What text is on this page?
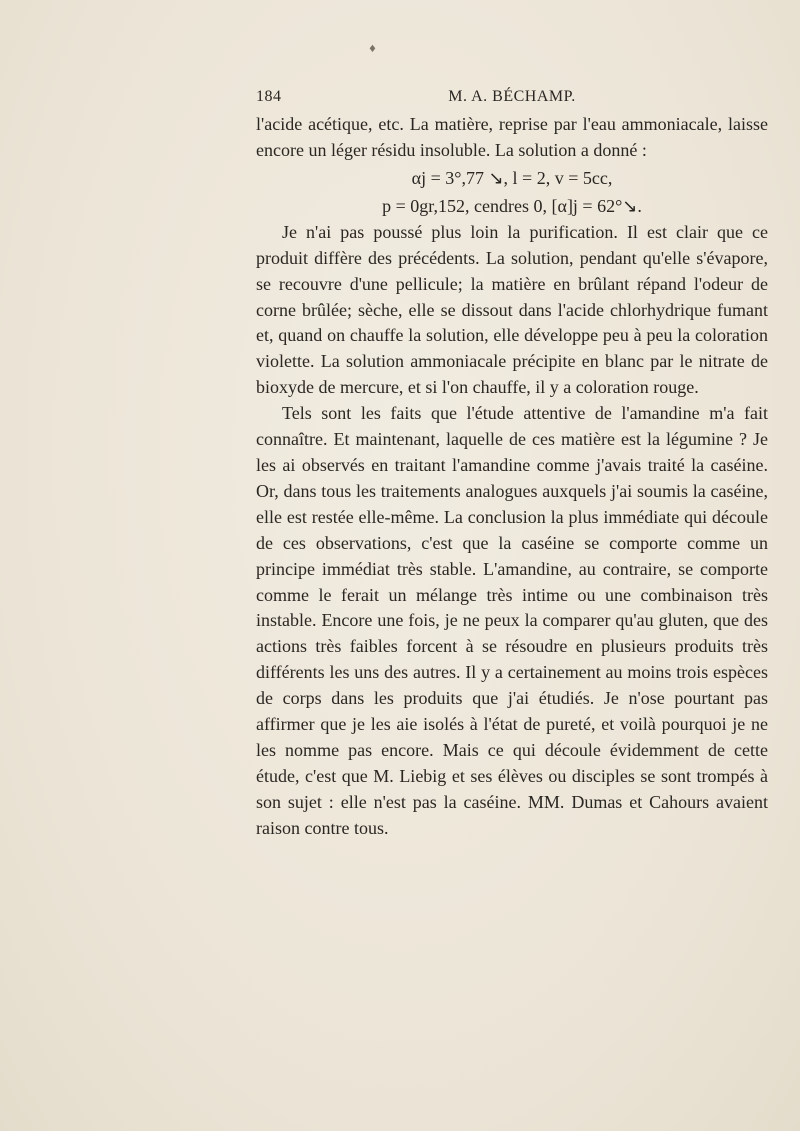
184	M. A. BÉCHAMP.

l'acide acétique, etc. La matière, reprise par l'eau ammoniacale, laisse encore un léger résidu insoluble. La solution a donné :

αj = 3°,77 ↘, l = 2, v = 5cc,

p = 0gr,152, cendres 0, [α]j = 62°↘.

Je n'ai pas poussé plus loin la purification. Il est clair que ce produit diffère des précédents. La solution, pendant qu'elle s'évapore, se recouvre d'une pellicule; la matière en brûlant répand l'odeur de corne brûlée; sèche, elle se dissout dans l'acide chlorhydrique fumant et, quand on chauffe la solution, elle développe peu à peu la coloration violette. La solution ammoniacale précipite en blanc par le nitrate de bioxyde de mercure, et si l'on chauffe, il y a coloration rouge.

Tels sont les faits que l'étude attentive de l'amandine m'a fait connaître. Et maintenant, laquelle de ces matière est la légumine ? Je les ai observés en traitant l'amandine comme j'avais traité la caséine. Or, dans tous les traitements analogues auxquels j'ai soumis la caséine, elle est restée elle-même. La conclusion la plus immédiate qui découle de ces observations, c'est que la caséine se comporte comme un principe immédiat très stable. L'amandine, au contraire, se comporte comme le ferait un mélange très intime ou une combinaison très instable. Encore une fois, je ne peux la comparer qu'au gluten, que des actions très faibles forcent à se résoudre en plusieurs produits très différents les uns des autres. Il y a certainement au moins trois espèces de corps dans les produits que j'ai étudiés. Je n'ose pourtant pas affirmer que je les aie isolés à l'état de pureté, et voilà pourquoi je ne les nomme pas encore. Mais ce qui découle évidemment de cette étude, c'est que M. Liebig et ses élèves ou disciples se sont trompés à son sujet : elle n'est pas la caséine. MM. Dumas et Cahours avaient raison contre tous.

♦
